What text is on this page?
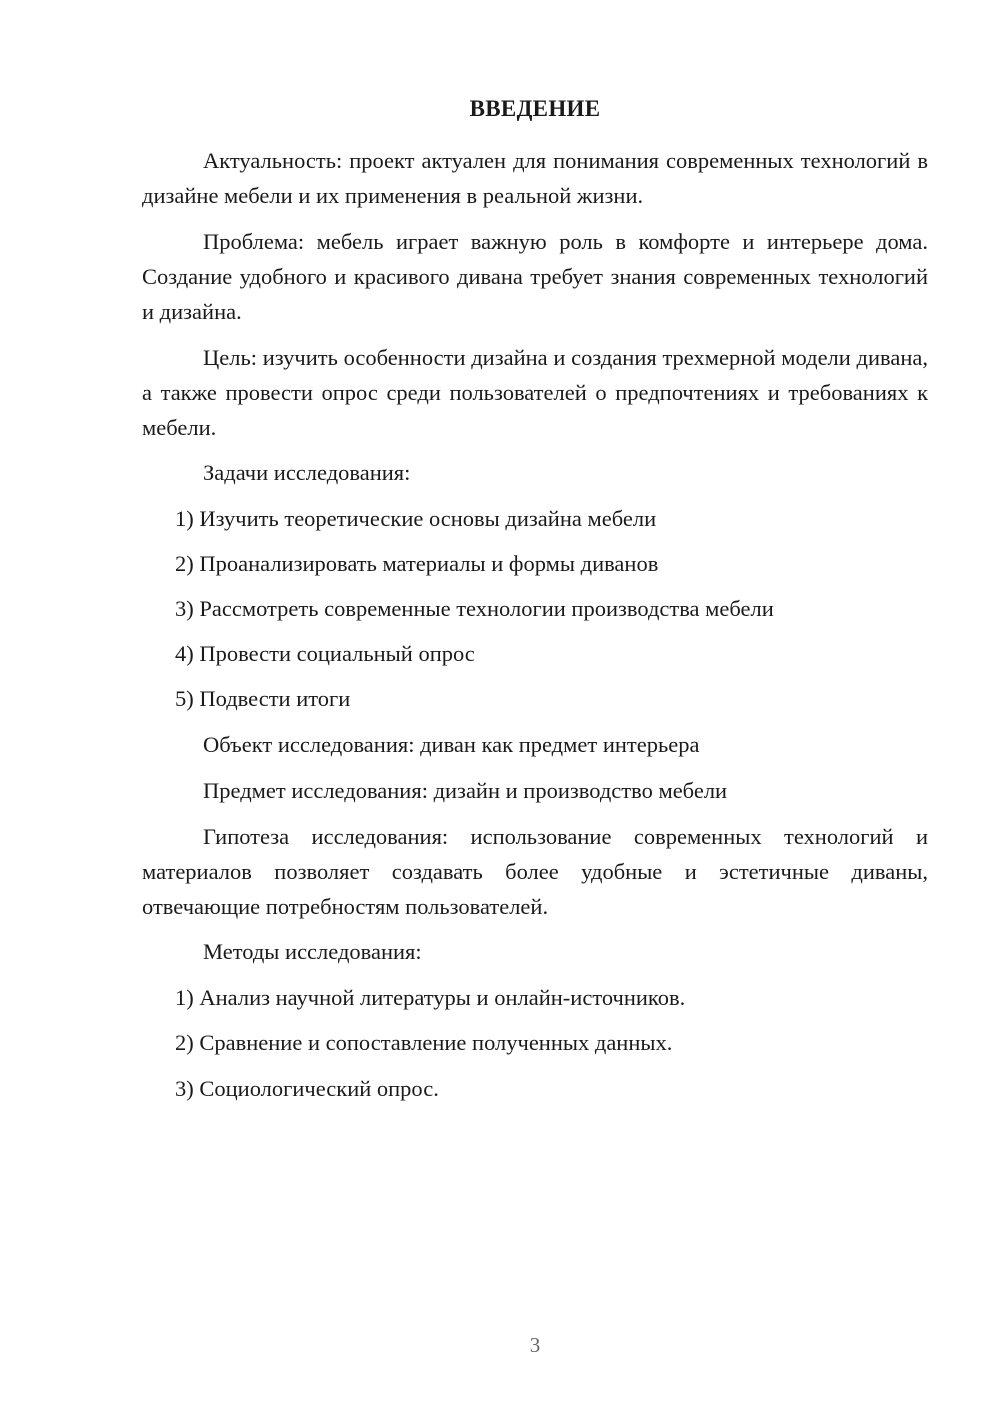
ВВЕДЕНИЕ

Актуальность: проект актуален для понимания современных технологий в дизайне мебели и их применения в реальной жизни.

Проблема: мебель играет важную роль в комфорте и интерьере дома. Создание удобного и красивого дивана требует знания современных технологий и дизайна.

Цель: изучить особенности дизайна и создания трехмерной модели дивана, а также провести опрос среди пользователей о предпочтениях и требованиях к мебели.

Задачи исследования:
1) Изучить теоретические основы дизайна мебели
2) Проанализировать материалы и формы диванов
3) Рассмотреть современные технологии производства мебели
4) Провести социальный опрос
5) Подвести итоги
Объект исследования: диван как предмет интерьера
Предмет исследования: дизайн и производство мебели

Гипотеза исследования: использование современных технологий и материалов позволяет создавать более удобные и эстетичные диваны, отвечающие потребностям пользователей.

Методы исследования:
1) Анализ научной литературы и онлайн-источников.
2) Сравнение и сопоставление полученных данных.
3) Социологический опрос.
3
